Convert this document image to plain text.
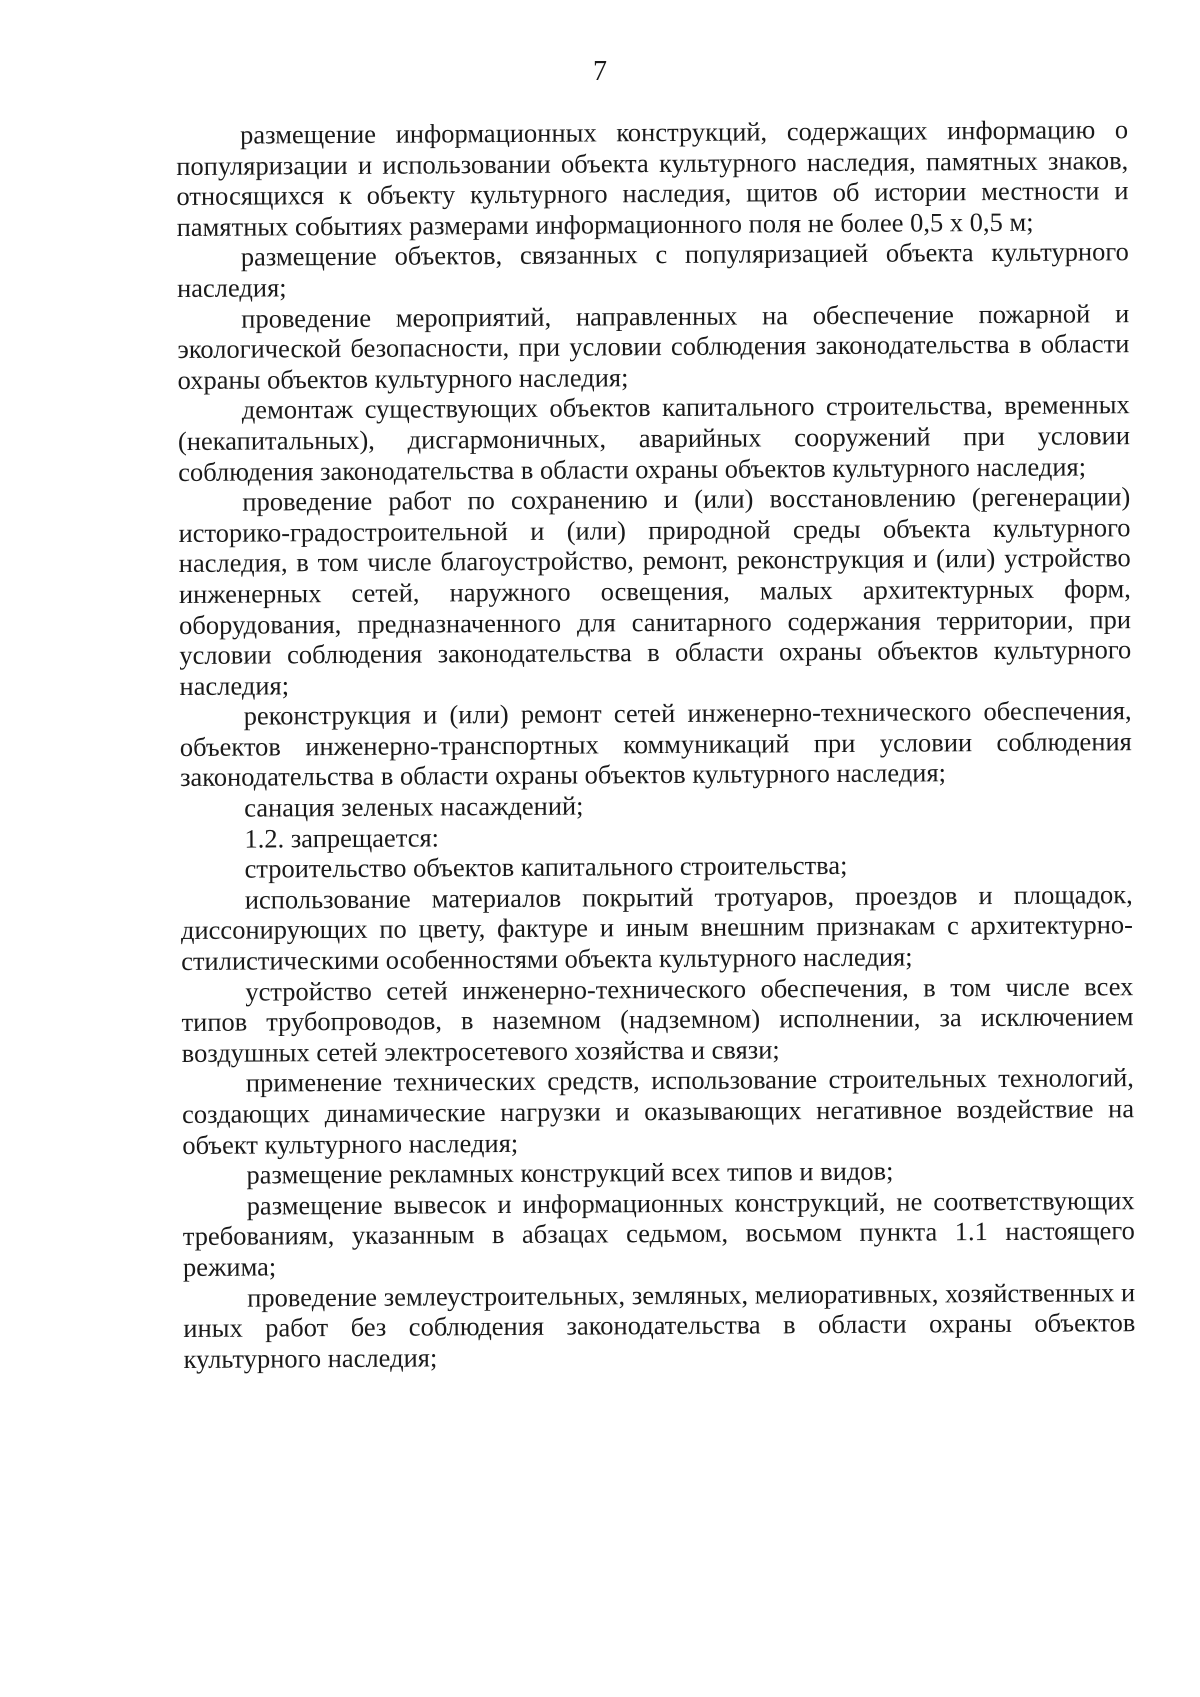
7

размещение информационных конструкций, содержащих информацию о популяризации и использовании объекта культурного наследия, памятных знаков, относящихся к объекту культурного наследия, щитов об истории местности и памятных событиях размерами информационного поля не более 0,5 х 0,5 м;

размещение объектов, связанных с популяризацией объекта культурного наследия;

проведение мероприятий, направленных на обеспечение пожарной и экологической безопасности, при условии соблюдения законодательства в области охраны объектов культурного наследия;

демонтаж существующих объектов капитального строительства, временных (некапитальных), дисгармоничных, аварийных сооружений при условии соблюдения законодательства в области охраны объектов культурного наследия;

проведение работ по сохранению и (или) восстановлению (регенерации) историко-градостроительной и (или) природной среды объекта культурного наследия, в том числе благоустройство, ремонт, реконструкция и (или) устройство инженерных сетей, наружного освещения, малых архитектурных форм, оборудования, предназначенного для санитарного содержания территории, при условии соблюдения законодательства в области охраны объектов культурного наследия;

реконструкция и (или) ремонт сетей инженерно-технического обеспечения, объектов инженерно-транспортных коммуникаций при условии соблюдения законодательства в области охраны объектов культурного наследия;

санация зеленых насаждений;

1.2. запрещается:

строительство объектов капитального строительства;

использование материалов покрытий тротуаров, проездов и площадок, диссонирующих по цвету, фактуре и иным внешним признакам с архитектурно-стилистическими особенностями объекта культурного наследия;

устройство сетей инженерно-технического обеспечения, в том числе всех типов трубопроводов, в наземном (надземном) исполнении, за исключением воздушных сетей электросетевого хозяйства и связи;

применение технических средств, использование строительных технологий, создающих динамические нагрузки и оказывающих негативное воздействие на объект культурного наследия;

размещение рекламных конструкций всех типов и видов;

размещение вывесок и информационных конструкций, не соответствующих требованиям, указанным в абзацах седьмом, восьмом пункта 1.1 настоящего режима;

проведение землеустроительных, земляных, мелиоративных, хозяйственных и иных работ без соблюдения законодательства в области охраны объектов культурного наследия;
